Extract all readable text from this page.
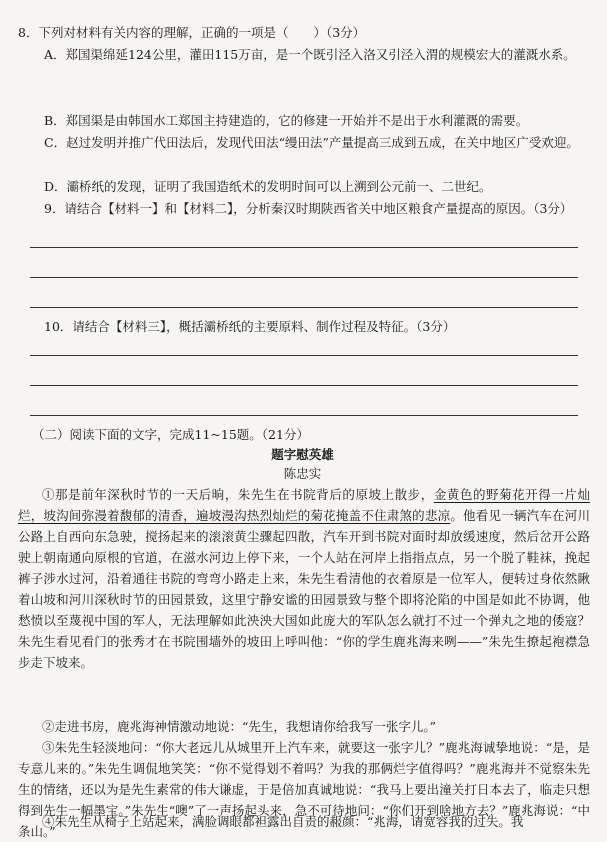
8．下列对材料有关内容的理解，正确的一项是（　　）（3分）
A．郑国渠绵延124公里，灌田115万亩，是一个既引泾入洛又引泾入渭的规模宏大的灌溉水系。
B．郑国渠是由韩国水工郑国主持建造的，它的修建一开始并不是出于水利灌溉的需要。
C．赵过发明并推广代田法后，发现代田法“缦田法”产量提高三成到五成，在关中地区广受欢迎。
D．灞桥纸的发现，证明了我国造纸术的发明时间可以上溯到公元前一、二世纪。
9．请结合【材料一】和【材料二】，分析秦汉时期陕西省关中地区粮食产量提高的原因。（3分）
10．请结合【材料三】，概括灞桥纸的主要原料、制作过程及特征。（3分）
（二）阅读下面的文字，完成11~15题。（21分）
题字慰英雄
陈忠实
①那是前年深秋时节的一天后晌，朱先生在书院背后的原坡上散步，金黄色的野菊花开得一片灿烂，坡沟间弥漫着馥郁的清香，遍坡漫沟热烈灿烂的菊花掩盖不住肃煞的悲凉。他看见一辆汽车在河川公路上自西向东急驶，搅扬起来的滚滚黄尘骤起四散，汽车开到书院对面时却放缓速度，然后岔开公路驶上朝南通向原根的官道，在滋水河边上停下来，一个人站在河岸上指指点点，另一个脱了鞋袜，挽起裤子涉水过河，沿着通往书院的弯弯小路走上来，朱先生看清他的衣着原是一位军人，便转过身依然瞅着山坡和河川深秋时节的田园景致，这里宁静安谧的田园景致与整个即将沦陷的中国是如此不协调，他愁愤以至蔑视中国的军人，无法理解如此泱泱大国如此庞大的军队怎么就打不过一个弹丸之地的倭寇？朱先生看见看门的张秀才在书院围墙外的坡田上呼叫他：“你的学生鹿兆海来咧——”朱先生撩起袍襟急步走下坡来。
②走进书房，鹿兆海神情激动地说：“先生，我想请你给我写一张字儿。”
③朱先生轻淡地问：“你大老远儿从城里开上汽车来，就要这一张字儿？”鹿兆海诚挚地说：“是，是专意儿来的。”朱先生调侃地笑笑：“你不觉得划不着吗？为我的那俩烂字值得吗？”鹿兆海并不觉察朱先生的情绪，还以为是先生素常的伟大谦虚，于是倍加真诚地说：“我马上要出潼关打日本去了，临走只想得到先生一幅墨宝。”朱先生“噢”了一声扬起头来，急不可待地问：“你们开到啥地方去？”鹿兆海说：“中条山。”
④朱先生从椅子上站起来，满脸调眼都袒露出自责的赧颜：“兆海，请宽容我的过失。我
